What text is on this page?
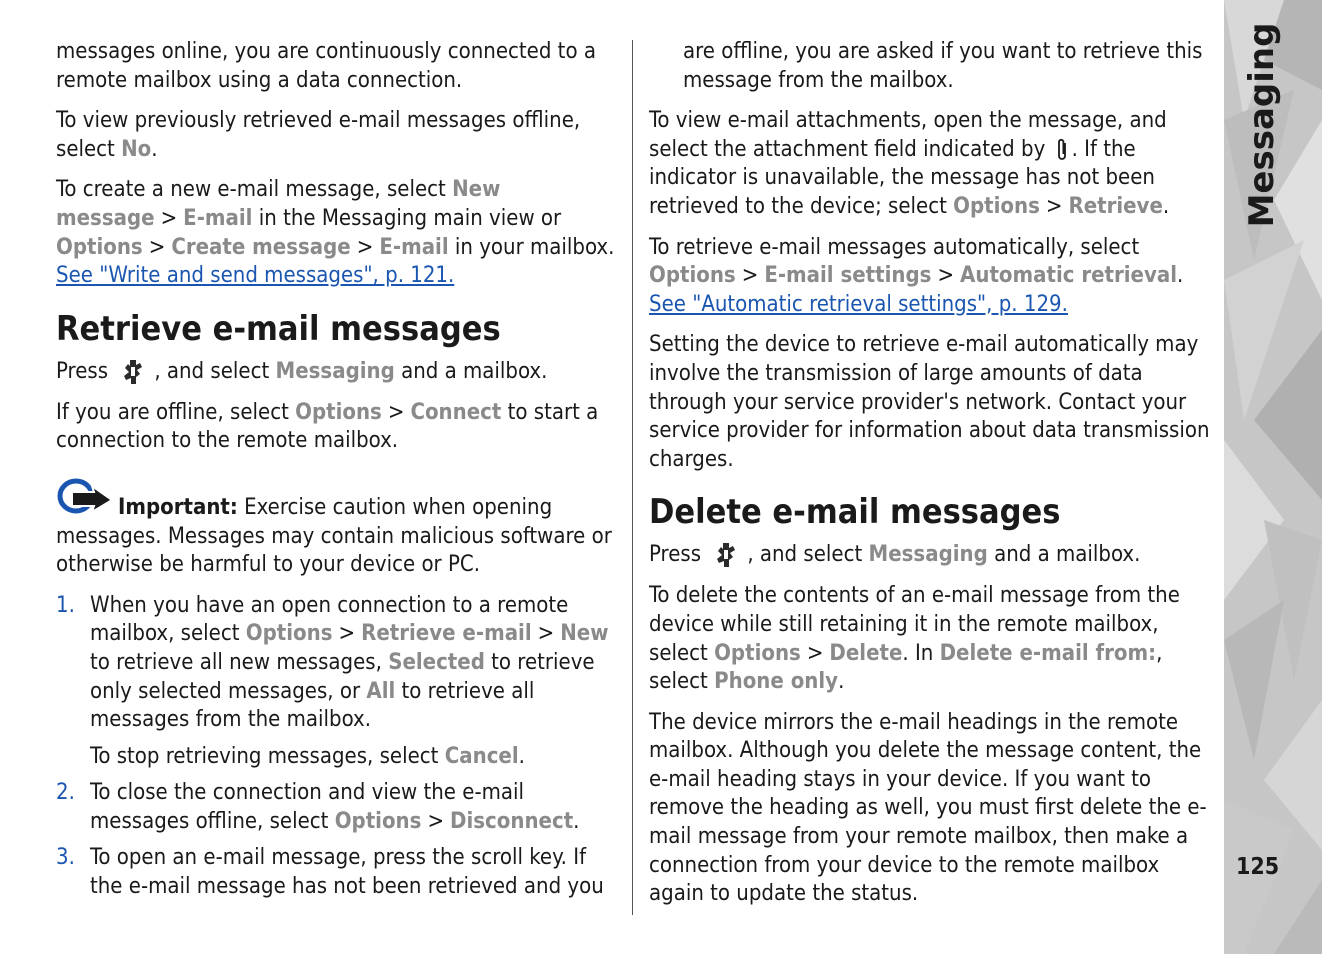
messages online, you are continuously connected to a remote mailbox using a data connection.

To view previously retrieved e-mail messages offline, select No.

To create a new e-mail message, select New message > E-mail in the Messaging main view or Options > Create message > E-mail in your mailbox. See "Write and send messages", p. 121.

Retrieve e-mail messages

Press , and select Messaging and a mailbox.

If you are offline, select Options > Connect to start a connection to the remote mailbox.

Important: Exercise caution when opening messages. Messages may contain malicious software or otherwise be harmful to your device or PC.

1. When you have an open connection to a remote mailbox, select Options > Retrieve e-mail > New to retrieve all new messages, Selected to retrieve only selected messages, or All to retrieve all messages from the mailbox.

To stop retrieving messages, select Cancel.

2. To close the connection and view the e-mail messages offline, select Options > Disconnect.

3. To open an e-mail message, press the scroll key. If the e-mail message has not been retrieved and you

are offline, you are asked if you want to retrieve this message from the mailbox.

To view e-mail attachments, open the message, and select the attachment field indicated by . If the indicator is unavailable, the message has not been retrieved to the device; select Options > Retrieve.

To retrieve e-mail messages automatically, select Options > E-mail settings > Automatic retrieval. See "Automatic retrieval settings", p. 129.

Setting the device to retrieve e-mail automatically may involve the transmission of large amounts of data through your service provider's network. Contact your service provider for information about data transmission charges.

Delete e-mail messages

Press , and select Messaging and a mailbox.

To delete the contents of an e-mail message from the device while still retaining it in the remote mailbox, select Options > Delete. In Delete e-mail from:, select Phone only.

The device mirrors the e-mail headings in the remote mailbox. Although you delete the message content, the e-mail heading stays in your device. If you want to remove the heading as well, you must first delete the e-mail message from your remote mailbox, then make a connection from your device to the remote mailbox again to update the status.

Messaging
125
